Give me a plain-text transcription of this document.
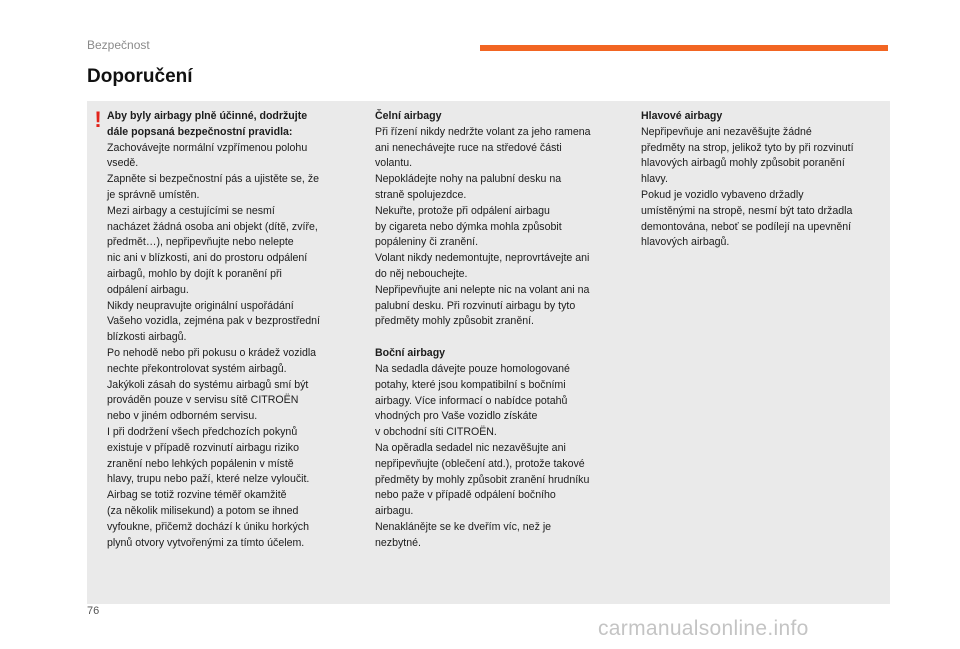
Bezpečnost
Doporučení
! Aby byly airbagy plně účinné, dodržujte
dále popsaná bezpečnostní pravidla:

Zachovávejte normální vzpřímenou polohu
vsedě.
Zapněte si bezpečnostní pás a ujistěte se, že
je správně umístěn.
Mezi airbagy a cestujícími se nesmí
nacházet žádná osoba ani objekt (dítě, zvíře,
předmět…), nepřipevňujte nebo nelepte
nic ani v blízkosti, ani do prostoru odpálení
airbagů, mohlo by dojít k poranění při
odpálení airbagu.
Nikdy neupravujte originální uspořádání
Vašeho vozidla, zejména pak v bezprostřední
blízkosti airbagů.
Po nehodě nebo při pokusu o krádež vozidla
nechte překontrolovat systém airbagů.
Jakýkoli zásah do systému airbagů smí být
prováděn pouze v servisu sítě CITROËN
nebo v jiném odborném servisu.
I při dodržení všech předchozích pokynů
existuje v případě rozvinutí airbagu riziko
zranění nebo lehkých popálenin v místě
hlavy, trupu nebo paží, které nelze vyloučit.
Airbag se totiž rozvine téměř okamžitě
(za několik milisekund) a potom se ihned
vyfoukne, přičemž dochází k úniku horkých
plynů otvory vytvořenými za tímto účelem.

Čelní airbagy

Při řízení nikdy nedržte volant za jeho ramena
ani nenechávejte ruce na středové části
volantu.
Nepokládejte nohy na palubní desku na
straně spolujezdce.
Nekuřte, protože při odpálení airbagu
by cigareta nebo dýmka mohla způsobit
popáleniny či zranění.
Volant nikdy nedemontujte, neprovrtávejte ani
do něj nebouchejte.
Nepřipevňujte ani nelepte nic na volant ani na
palubní desku. Při rozvinutí airbagu by tyto
předměty mohly způsobit zranění.

Boční airbagy

Na sedadla dávejte pouze homologované
potahy, které jsou kompatibilní s bočními
airbagy. Více informací o nabídce potahů
vhodných pro Vaše vozidlo získáte
v obchodní síti CITROËN.
Na opěradla sedadel nic nezavěšujte ani
nepřipevňujte (oblečení atd.), protože takové
předměty by mohly způsobit zranění hrudníku
nebo paže v případě odpálení bočního
airbagu.
Nenaklánějte se ke dveřím víc, než je
nezbytné.

Hlavové airbagy

Nepřipevňuje ani nezavěšujte žádné
předměty na strop, jelikož tyto by při rozvinutí
hlavových airbagů mohly způsobit poranění
hlavy.
Pokud je vozidlo vybaveno držadly
umístěnými na stropě, nesmí být tato držadla
demontována, neboť se podílejí na upevnění
hlavových airbagů.

76
carmanualsonline.info
